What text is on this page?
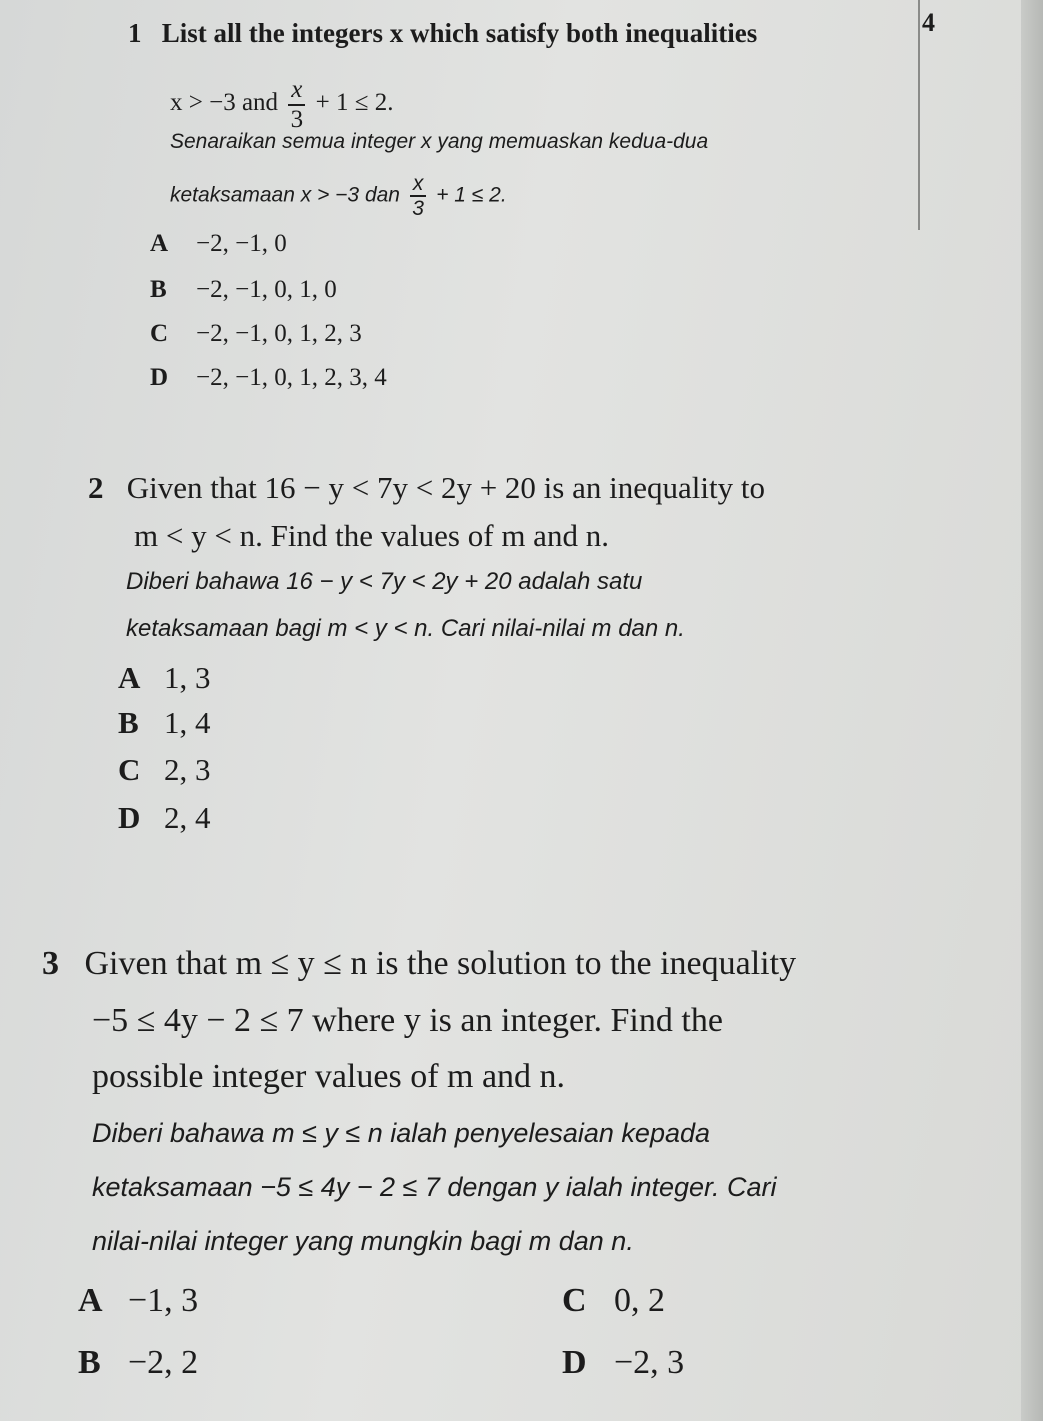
4
1 List all the integers x which satisfy both inequalities
x > −3 and $\frac{x}{3} + 1 \le 2$.
Senaraikan semua integer x yang memuaskan kedua-dua
ketaksamaan x > −3 dan $\frac{x}{3} + 1 \le 2$.
A −2, −1, 0
B −2, −1, 0, 1, 0
C −2, −1, 0, 1, 2, 3
D −2, −1, 0, 1, 2, 3, 4
2 Given that 16 − y < 7y < 2y + 20 is an inequality to
m < y < n. Find the values of m and n.
Diberi bahawa 16 − y < 7y < 2y + 20 adalah satu
ketaksamaan bagi m < y < n. Cari nilai-nilai m dan n.
A 1, 3
B 1, 4
C 2, 3
D 2, 4
3 Given that m ≤ y ≤ n is the solution to the inequality
−5 ≤ 4y − 2 ≤ 7 where y is an integer. Find the
possible integer values of m and n.
Diberi bahawa m ≤ y ≤ n ialah penyelesaian kepada
ketaksamaan −5 ≤ 4y − 2 ≤ 7 dengan y ialah integer. Cari
nilai-nilai integer yang mungkin bagi m dan n.
A −1, 3	C 0, 2
B −2, 2	D −2, 3
